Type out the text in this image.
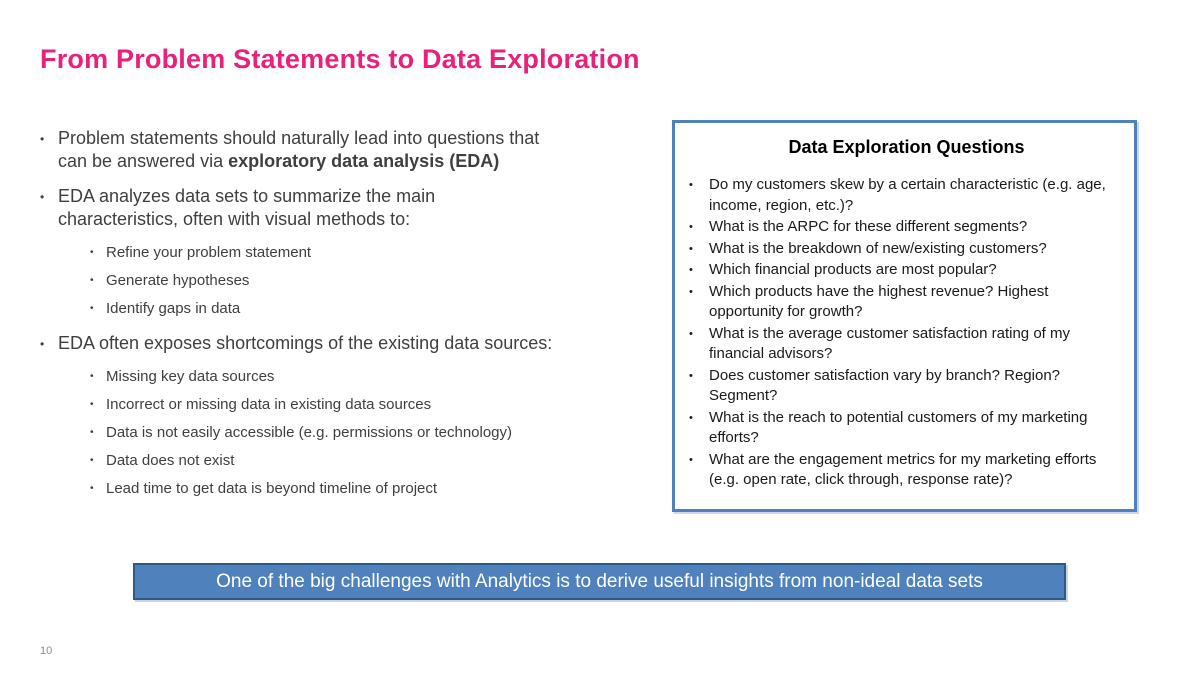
From Problem Statements to Data Exploration
• Problem statements should naturally lead into questions that can be answered via exploratory data analysis (EDA)
• EDA analyzes data sets to summarize the main characteristics, often with visual methods to:
• Refine your problem statement
• Generate hypotheses
• Identify gaps in data
• EDA often exposes shortcomings of the existing data sources:
• Missing key data sources
• Incorrect or missing data in existing data sources
• Data is not easily accessible (e.g. permissions or technology)
• Data does not exist
• Lead time to get data is beyond timeline of project
Data Exploration Questions
•	Do my customers skew by a certain characteristic (e.g. age, income, region, etc.)?
•	What is the ARPC for these different segments?
•	What is the breakdown of new/existing customers?
•	Which financial products are most popular?
•	Which products have the highest revenue? Highest opportunity for growth?
•	What is the average customer satisfaction rating of my financial advisors?
•	Does customer satisfaction vary by branch? Region? Segment?
•	What is the reach to potential customers of my marketing efforts?
•	What are the engagement metrics for my marketing efforts (e.g. open rate, click through, response rate)?
One of the big challenges with Analytics is to derive useful insights from non-ideal data sets
10
